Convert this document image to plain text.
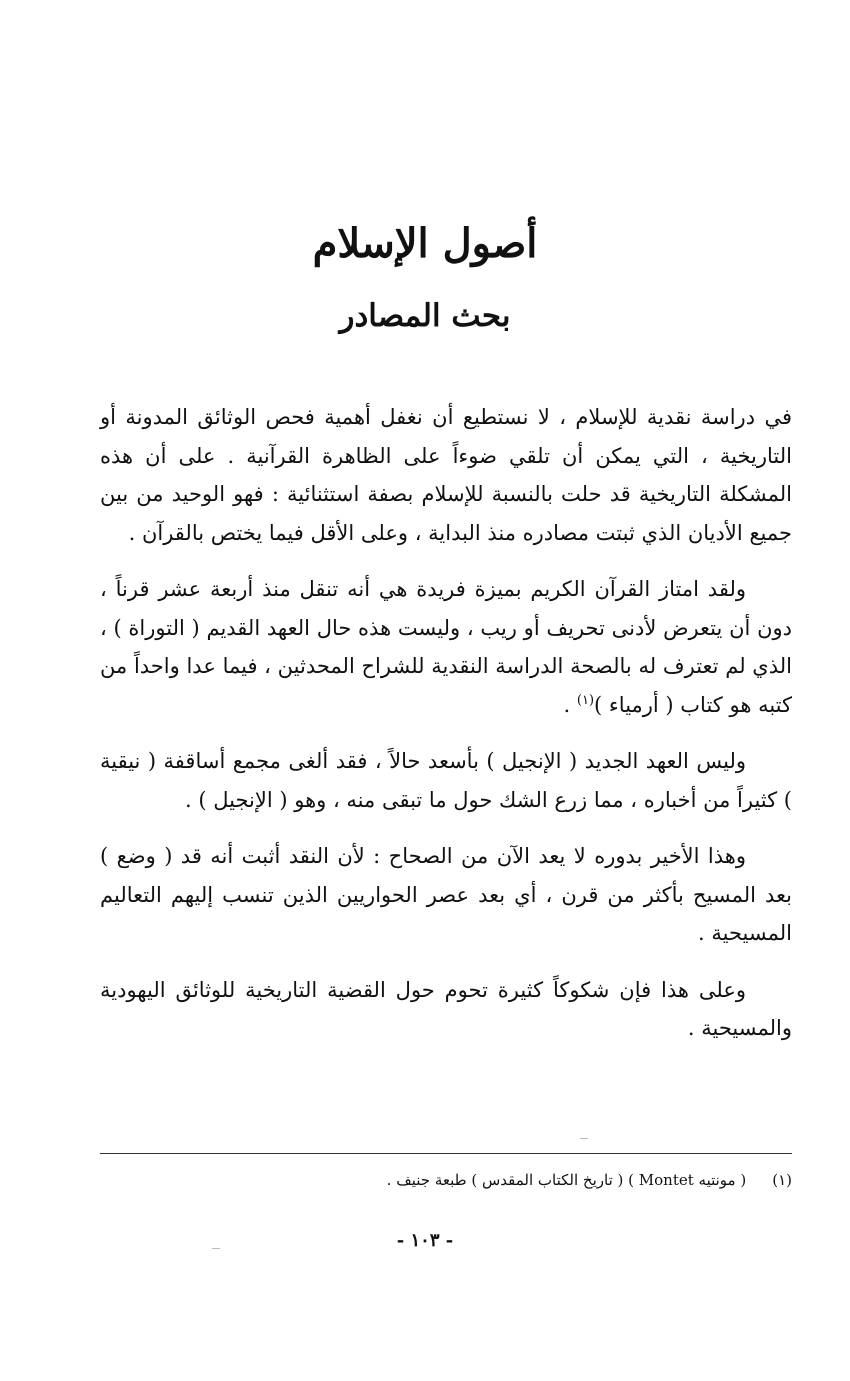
أصول الإسلام
بحث المصادر

في دراسة نقدية للإسلام ، لا نستطيع أن نغفل أهمية فحص الوثائق المدونة أو التاريخية ، التي يمكن أن تلقي ضوءاً على الظاهرة القرآنية . على أن هذه المشكلة التاريخية قد حلت بالنسبة للإسلام بصفة استثنائية : فهو الوحيد من بين جميع الأديان الذي ثبتت مصادره منذ البداية ، وعلى الأقل فيما يختص بالقرآن .

ولقد امتاز القرآن الكريم بميزة فريدة هي أنه تنقل منذ أربعة عشر قرناً ، دون أن يتعرض لأدنى تحريف أو ريب ، وليست هذه حال العهد القديم ( التوراة ) ، الذي لم تعترف له بالصحة الدراسة النقدية للشراح المحدثين ، فيما عدا واحداً من كتبه هو كتاب ( أرمياء )$^{(١)}$ .

وليس العهد الجديد ( الإنجيل ) بأسعد حالاً ، فقد ألغى مجمع أساقفة ( نيقية ) كثيراً من أخباره ، مما زرع الشك حول ما تبقى منه ، وهو ( الإنجيل ) .

وهذا الأخير بدوره لا يعد الآن من الصحاح : لأن النقد أثبت أنه قد ( وضع ) بعد المسيح بأكثر من قرن ، أي بعد عصر الحواريين الذين تنسب إليهم التعاليم المسيحية .

وعلى هذا فإن شكوكاً كثيرة تحوم حول القضية التاريخية للوثائق اليهودية والمسيحية .

(١)( مونتيه Montet ) ( تاريخ الكتاب المقدس ) طبعة جنيف .
- ١٠٣ -
